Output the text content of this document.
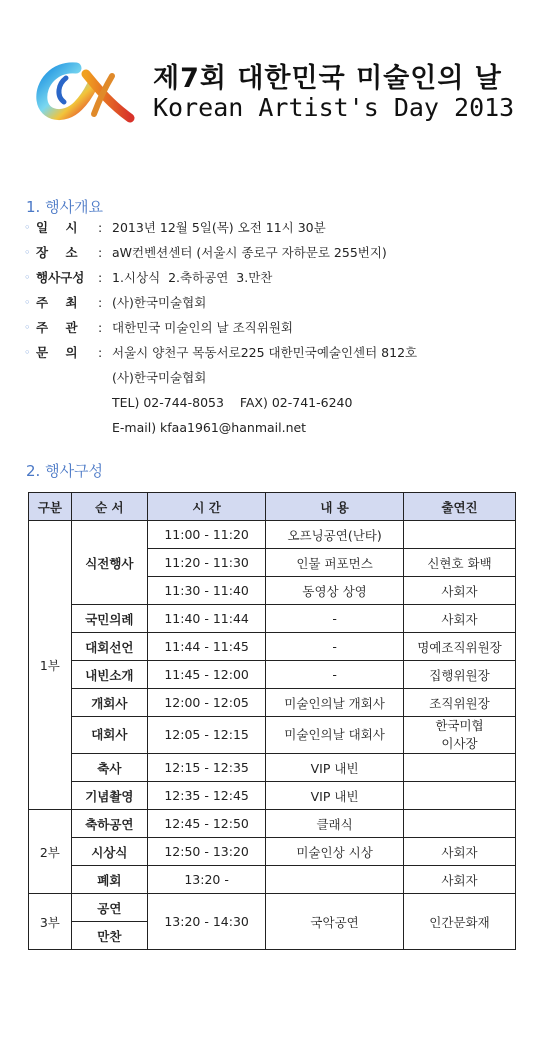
제7회 대한민국 미술인의 날
Korean Artist's Day 2013
1. 행사개요
◦ 일    시	: 2013년 12월 5일(목) 오전 11시 30분
◦ 장    소	: aW컨벤션센터 (서울시 종로구 자하문로 255번지)
◦ 행사구성	: 1.시상식  2.축하공연  3.만찬
◦ 주    최	: (사)한국미술협회
◦ 주    관	: 대한민국 미술인의 날 조직위원회
◦ 문    의	: 서울시 양천구 목동서로225 대한민국예술인센터 812호
(사)한국미술협회
TEL) 02-744-8053    FAX) 02-741-6240
E-mail) kfaa1961@hanmail.net
2. 행사구성
구분	순 서	시 간	내 용	출연진
1부	식전행사	11:00 - 11:20	오프닝공연(난타)	
		11:20 - 11:30	인물 퍼포먼스	신현호 화백
		11:30 - 11:40	동영상 상영	사회자
	국민의례	11:40 - 11:44	-	사회자
	대회선언	11:44 - 11:45	-	명예조직위원장
	내빈소개	11:45 - 12:00	-	집행위원장
	개회사	12:00 - 12:05	미술인의날 개회사	조직위원장
	대회사	12:05 - 12:15	미술인의날 대회사	한국미협
이사장

	축사	12:15 - 12:35	VIP 내빈	
	기념촬영	12:35 - 12:45	VIP 내빈	
2부	축하공연	12:45 - 12:50	클래식	
	시상식	12:50 - 13:20	미술인상 시상	사회자
	폐회	13:20 -		사회자
3부	공연	13:20 - 14:30	국악공연	인간문화재
	만찬			
